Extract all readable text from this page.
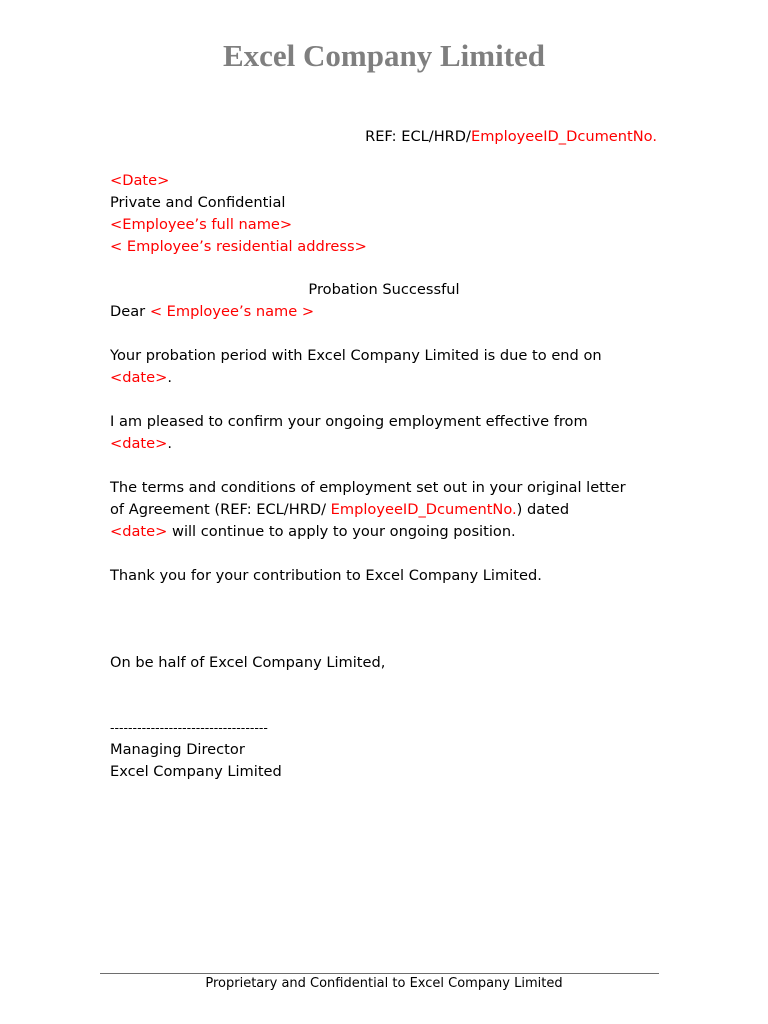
Excel Company Limited
REF: ECL/HRD/EmployeeID_DcumentNo.
<Date>
Private and Confidential
<Employee’s full name>
< Employee’s residential address>
Probation Successful
Dear < Employee’s name >
Your probation period with Excel Company Limited is due to end on
<date>.
I am pleased to confirm your ongoing employment effective from
<date>.
The terms and conditions of employment set out in your original letter
of Agreement (REF: ECL/HRD/ EmployeeID_DcumentNo.) dated
<date> will continue to apply to your ongoing position.
Thank you for your contribution to Excel Company Limited.
On be half of Excel Company Limited,
-----------------------------------
Managing Director
Excel Company Limited
Proprietary and Confidential to Excel Company Limited
